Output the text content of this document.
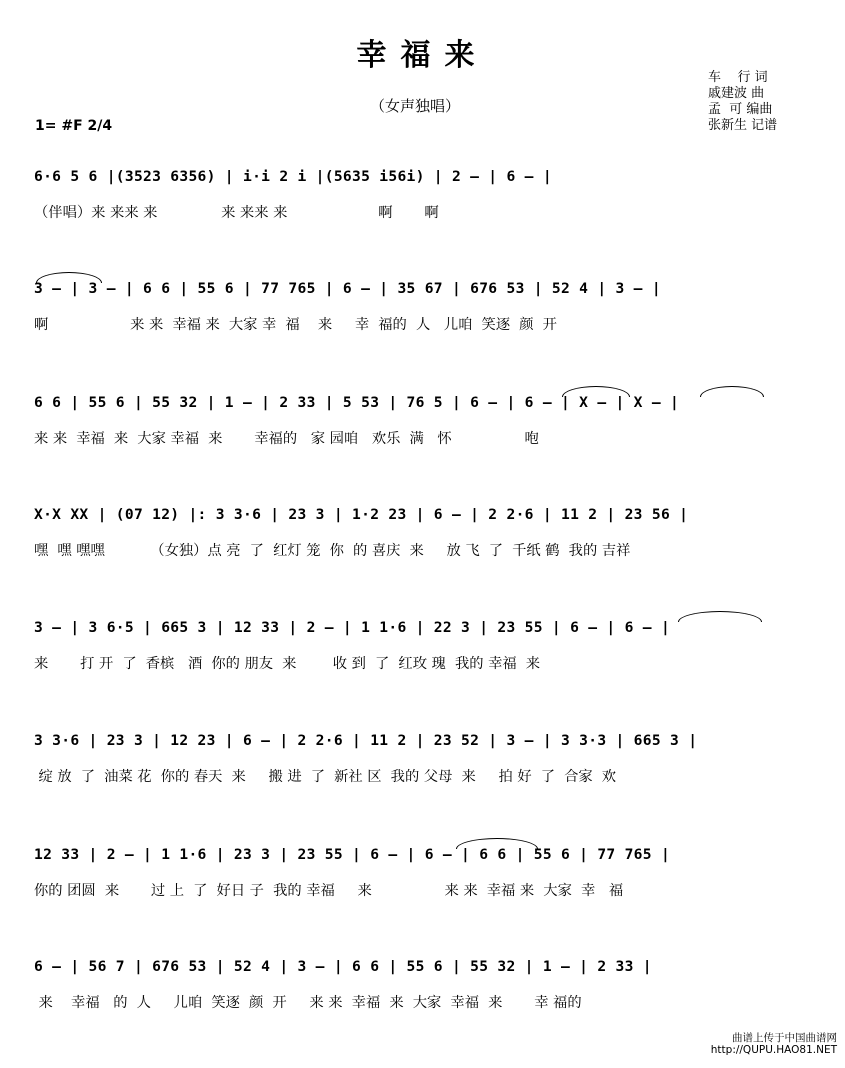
幸福来
（女声独唱）
1= #F 2/4
车    行 词
戚建波 曲
孟  可 编曲
张新生 记谱
6·6 5 6 |(3523 6356) | i·i 2 i |(5635 i56i) | 2 — | 6 — |
（伴唱）来 来来 来              来 来来 来                    啊       啊
3 — | 3 — | 6 6 | 55 6 | 77 765 | 6 — | 35 67 | 676 53 | 52 4 | 3 — |
啊                  来 来  幸福 来  大家 幸  福    来     幸  福的  人   儿咱  笑逐  颜  开
6 6 | 55 6 | 55 32 | 1 — | 2 33 | 5 53 | 76 5 | 6 — | 6 — | X — | X — |
来 来  幸福  来  大家 幸福  来       幸福的   家 园咱   欢乐  满   怀                咆
X·X XX | (07 12) |: 3 3·6 | 23 3 | 1·2 23 | 6 — | 2 2·6 | 11 2 | 23 56 |
嘿  嘿 嘿嘿          （女独）点 亮  了  红灯 笼  你  的 喜庆  来     放 飞  了  千纸 鹤  我的 吉祥
3 — | 3 6·5 | 665 3 | 12 33 | 2 — | 1 1·6 | 22 3 | 23 55 | 6 — | 6 — |
来       打 开  了  香槟   酒  你的 朋友  来        收 到  了  红玫 瑰  我的 幸福  来
3 3·6 | 23 3 | 12 23 | 6 — | 2 2·6 | 11 2 | 23 52 | 3 — | 3 3·3 | 665 3 |
绽 放  了  油菜 花  你的 春天  来     搬 进  了  新社 区  我的 父母  来     拍 好  了  合家  欢
12 33 | 2 — | 1 1·6 | 23 3 | 23 55 | 6 — | 6 — | 6 6 | 55 6 | 77 765 |
你的 团圆  来       过 上  了  好日 子  我的 幸福     来                来 来  幸福 来  大家  幸   福
6 — | 56 7 | 676 53 | 52 4 | 3 — | 6 6 | 55 6 | 55 32 | 1 — | 2 33 |
来    幸福   的  人     儿咱  笑逐  颜  开     来 来  幸福  来  大家  幸福  来       幸 福的
曲谱上传于中国曲谱网
http://QUPU.HAO81.NET
